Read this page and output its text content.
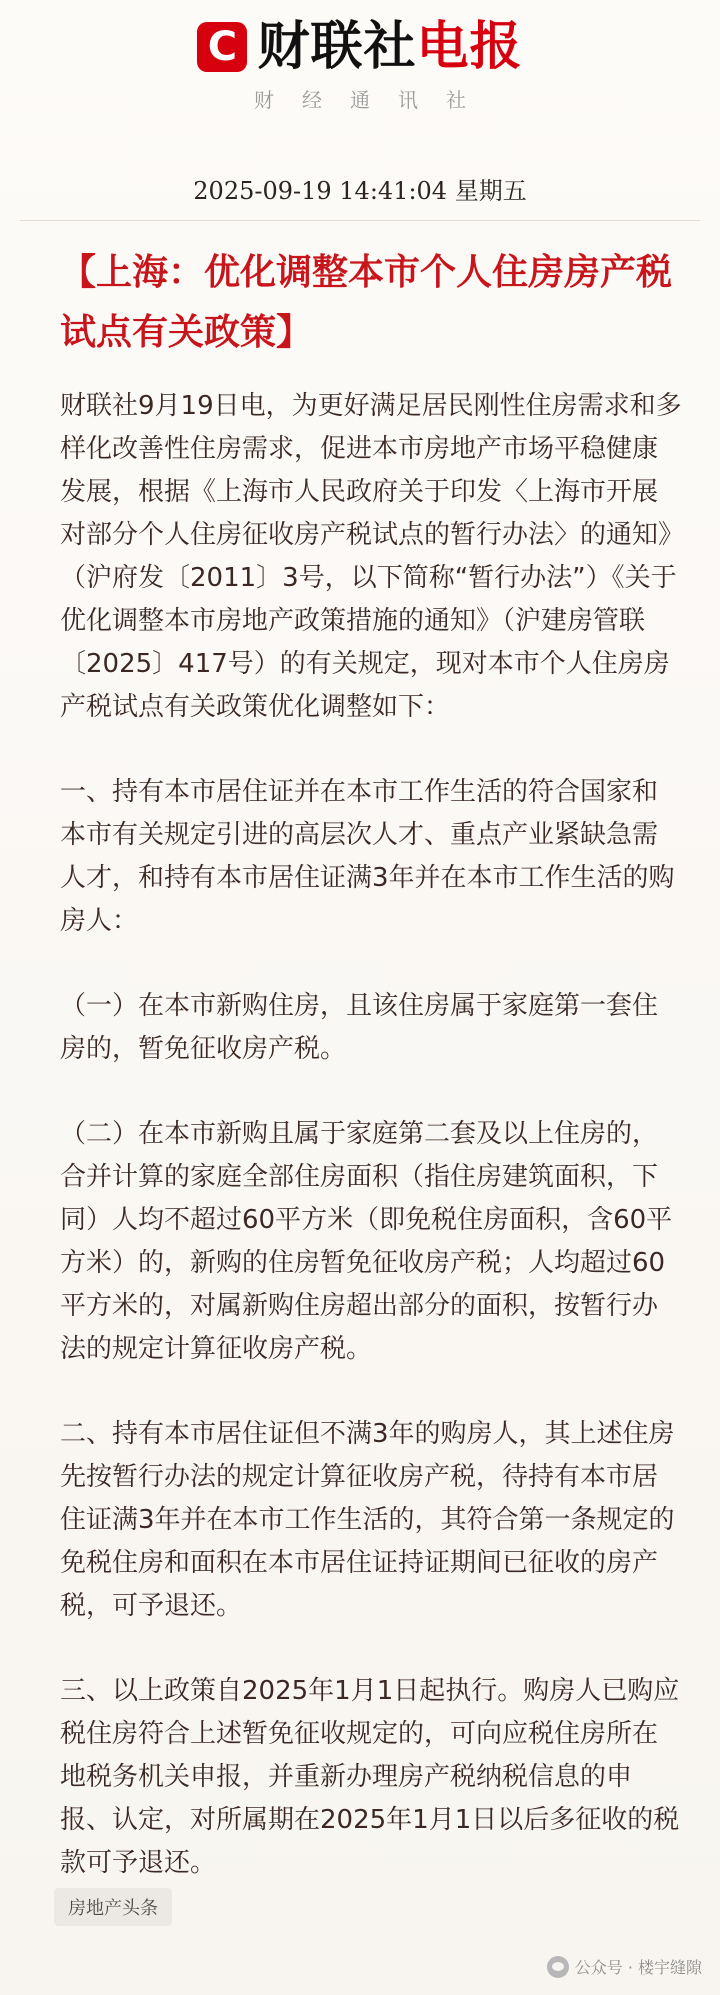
C 财联社电报
财经通讯社
2025-09-19 14:41:04 星期五
【上海：优化调整本市个人住房房产税试点有关政策】

财联社9月19日电，为更好满足居民刚性住房需求和多样化改善性住房需求，促进本市房地产市场平稳健康发展，根据《上海市人民政府关于印发〈上海市开展对部分个人住房征收房产税试点的暂行办法〉的通知》（沪府发〔2011〕3号，以下简称“暂行办法”）《关于优化调整本市房地产政策措施的通知》（沪建房管联〔2025〕417号）的有关规定，现对本市个人住房房产税试点有关政策优化调整如下：

一、持有本市居住证并在本市工作生活的符合国家和本市有关规定引进的高层次人才、重点产业紧缺急需人才，和持有本市居住证满3年并在本市工作生活的购房人：

（一）在本市新购住房，且该住房属于家庭第一套住房的，暂免征收房产税。

（二）在本市新购且属于家庭第二套及以上住房的，合并计算的家庭全部住房面积（指住房建筑面积，下同）人均不超过60平方米（即免税住房面积，含60平方米）的，新购的住房暂免征收房产税；人均超过60平方米的，对属新购住房超出部分的面积，按暂行办法的规定计算征收房产税。

二、持有本市居住证但不满3年的购房人，其上述住房先按暂行办法的规定计算征收房产税，待持有本市居住证满3年并在本市工作生活的，其符合第一条规定的免税住房和面积在本市居住证持证期间已征收的房产税，可予退还。

三、以上政策自2025年1月1日起执行。购房人已购应税住房符合上述暂免征收规定的，可向应税住房所在地税务机关申报，并重新办理房产税纳税信息的申报、认定，对所属期在2025年1月1日以后多征收的税款可予退还。

房地产头条
公众号 · 楼宇缝隙
